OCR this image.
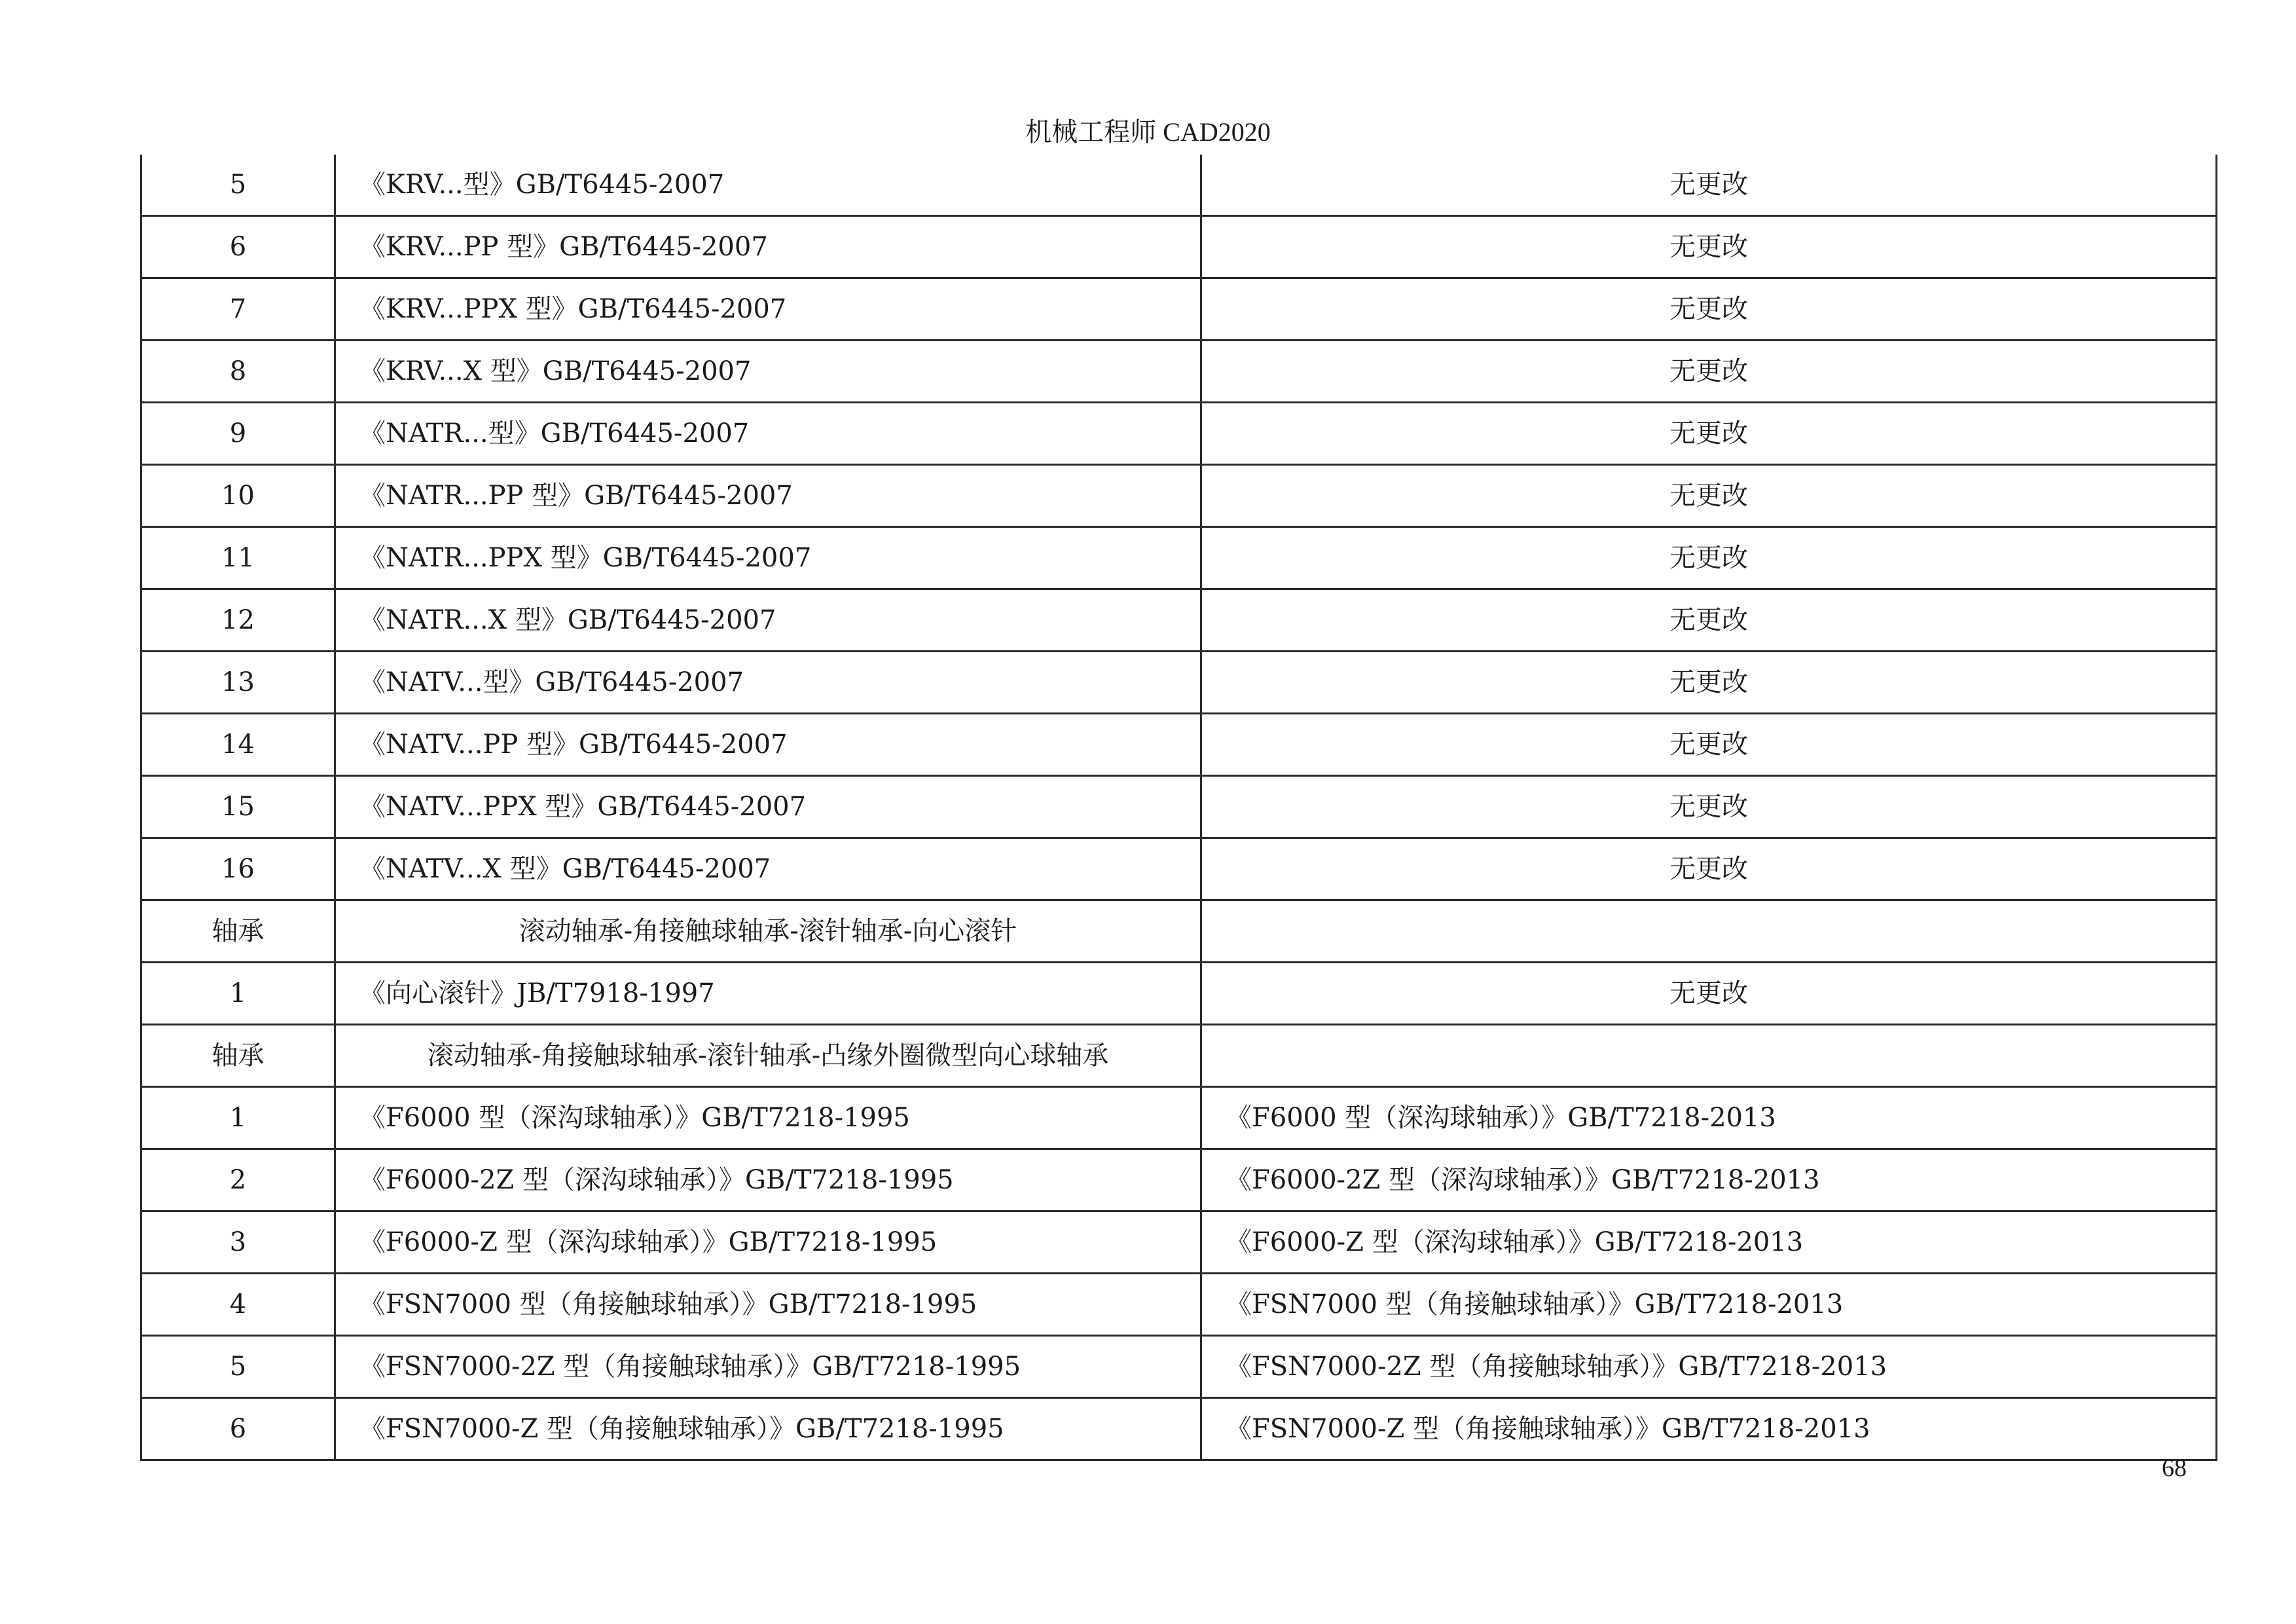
机械工程师 CAD2020
5	《KRV...型》GB/T6445-2007	无更改
6	《KRV...PP 型》GB/T6445-2007	无更改
7	《KRV...PPX 型》GB/T6445-2007	无更改
8	《KRV...X 型》GB/T6445-2007	无更改
9	《NATR...型》GB/T6445-2007	无更改
10	《NATR...PP 型》GB/T6445-2007	无更改
11	《NATR...PPX 型》GB/T6445-2007	无更改
12	《NATR...X 型》GB/T6445-2007	无更改
13	《NATV...型》GB/T6445-2007	无更改
14	《NATV...PP 型》GB/T6445-2007	无更改
15	《NATV...PPX 型》GB/T6445-2007	无更改
16	《NATV...X 型》GB/T6445-2007	无更改
轴承	滚动轴承-角接触球轴承-滚针轴承-向心滚针	
1	《向心滚针》JB/T7918-1997	无更改
轴承	滚动轴承-角接触球轴承-滚针轴承-凸缘外圈微型向心球轴承	
1	《F6000 型（深沟球轴承）》GB/T7218-1995	《F6000 型（深沟球轴承）》GB/T7218-2013
2	《F6000-2Z 型（深沟球轴承）》GB/T7218-1995	《F6000-2Z 型（深沟球轴承）》GB/T7218-2013
3	《F6000-Z 型（深沟球轴承）》GB/T7218-1995	《F6000-Z 型（深沟球轴承）》GB/T7218-2013
4	《FSN7000 型（角接触球轴承）》GB/T7218-1995	《FSN7000 型（角接触球轴承）》GB/T7218-2013
5	《FSN7000-2Z 型（角接触球轴承）》GB/T7218-1995	《FSN7000-2Z 型（角接触球轴承）》GB/T7218-2013
6	《FSN7000-Z 型（角接触球轴承）》GB/T7218-1995	《FSN7000-Z 型（角接触球轴承）》GB/T7218-2013
68
